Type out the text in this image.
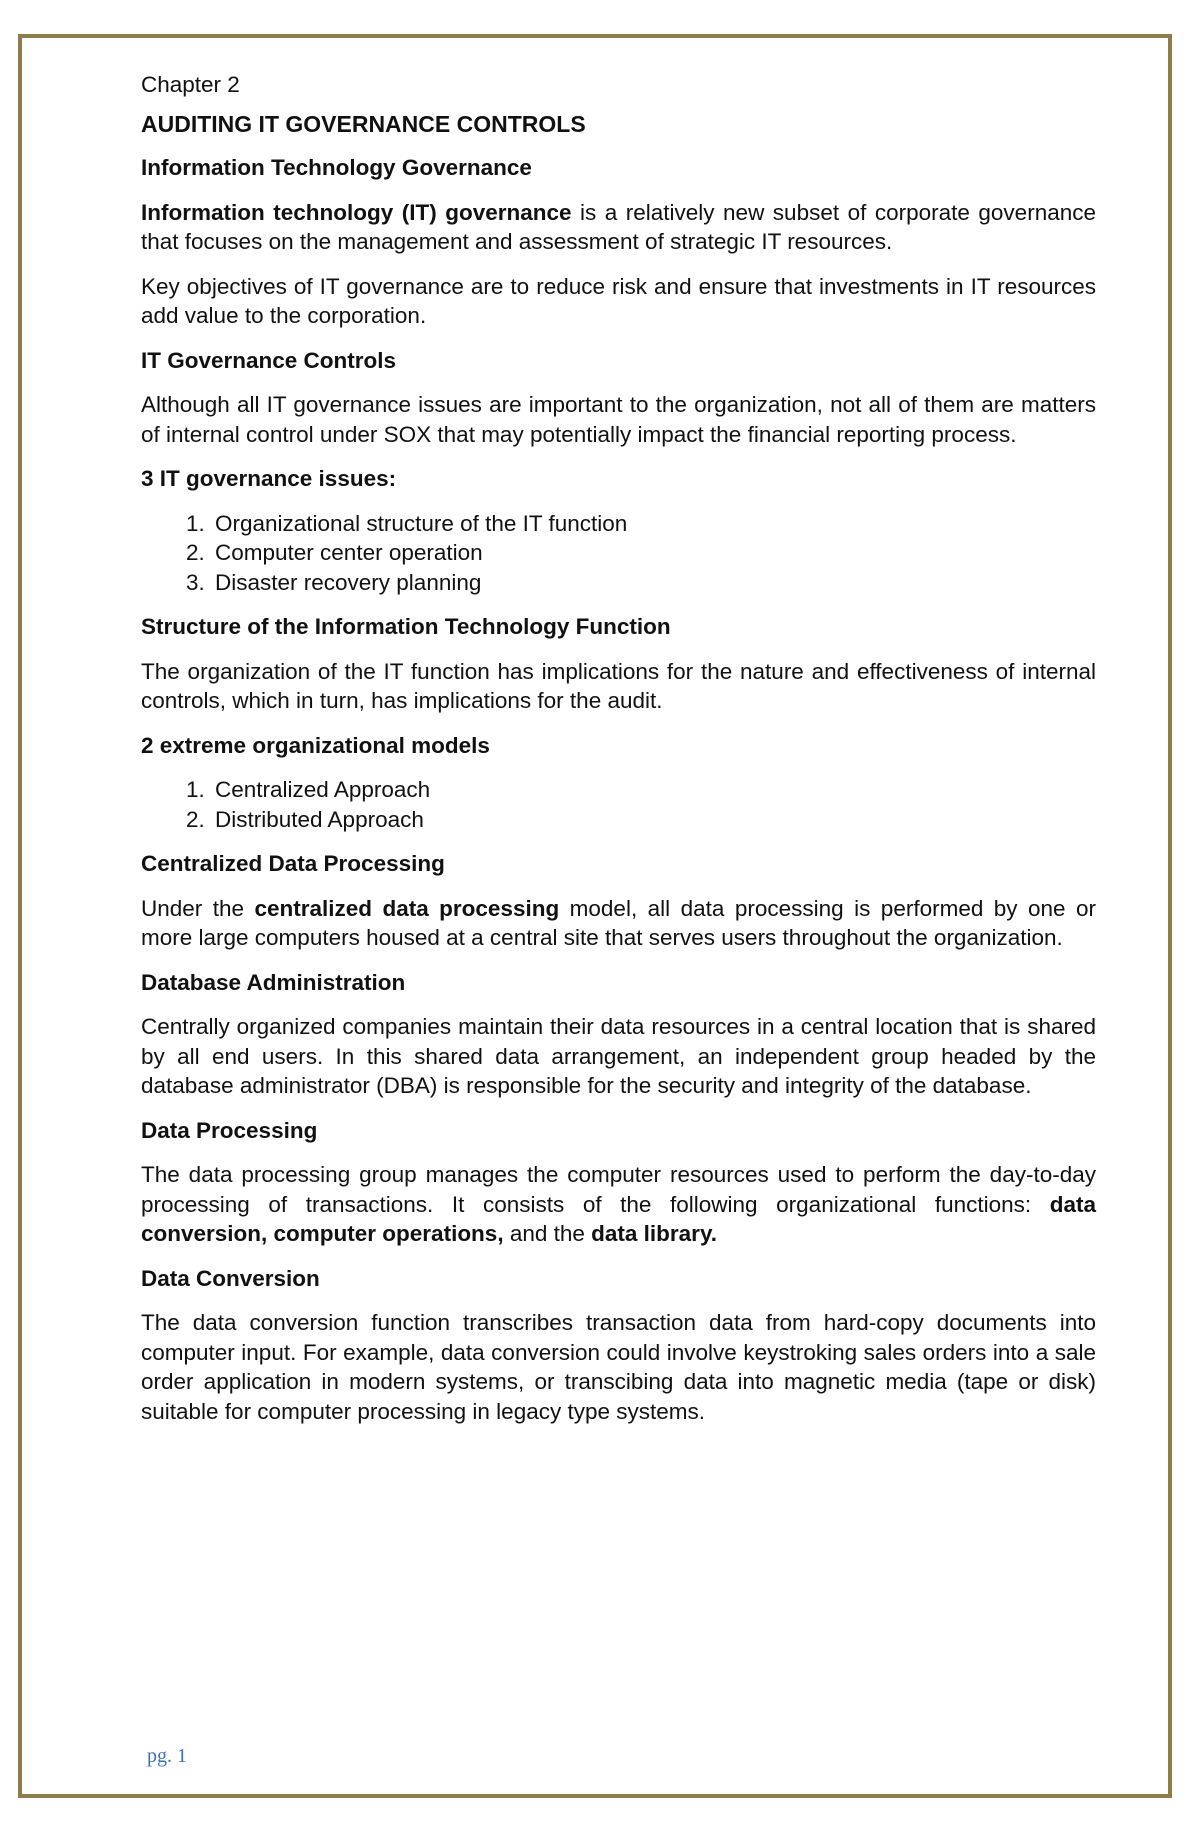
Chapter 2

AUDITING IT GOVERNANCE CONTROLS

Information Technology Governance

Information technology (IT) governance is a relatively new subset of corporate governance that focuses on the management and assessment of strategic IT resources.

Key objectives of IT governance are to reduce risk and ensure that investments in IT resources add value to the corporation.

IT Governance Controls

Although all IT governance issues are important to the organization, not all of them are matters of internal control under SOX that may potentially impact the financial reporting process.

3 IT governance issues:

1. Organizational structure of the IT function
2. Computer center operation
3. Disaster recovery planning

Structure of the Information Technology Function

The organization of the IT function has implications for the nature and effectiveness of internal controls, which in turn, has implications for the audit.

2 extreme organizational models

1. Centralized Approach
2. Distributed Approach

Centralized Data Processing

Under the centralized data processing model, all data processing is performed by one or more large computers housed at a central site that serves users throughout the organization.

Database Administration

Centrally organized companies maintain their data resources in a central location that is shared by all end users. In this shared data arrangement, an independent group headed by the database administrator (DBA) is responsible for the security and integrity of the database.

Data Processing

The data processing group manages the computer resources used to perform the day-to-day processing of transactions. It consists of the following organizational functions: data conversion, computer operations, and the data library.

Data Conversion

The data conversion function transcribes transaction data from hard-copy documents into computer input. For example, data conversion could involve keystroking sales orders into a sale order application in modern systems, or transcibing data into magnetic media (tape or disk) suitable for computer processing in legacy type systems.

pg. 1
